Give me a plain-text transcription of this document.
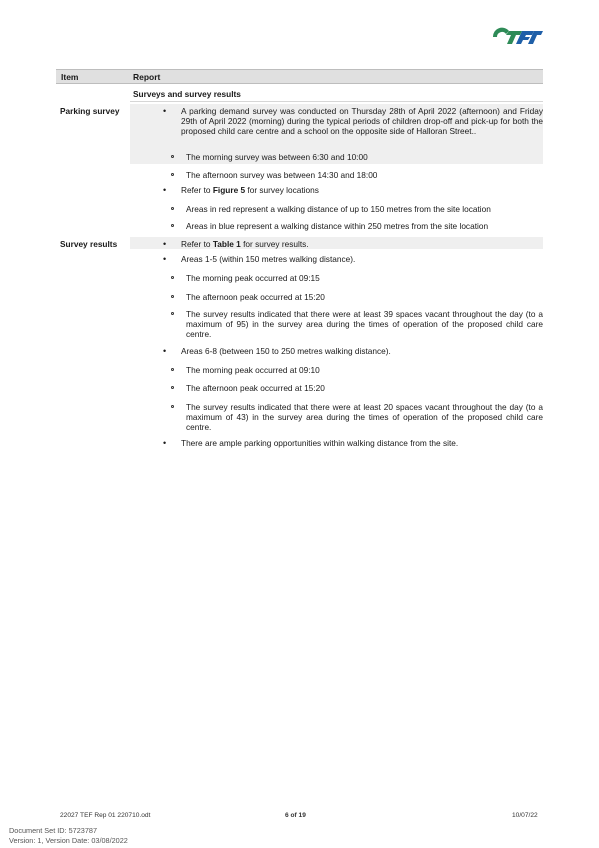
Item	Report
Surveys and survey results
Parking survey	• A parking demand survey was conducted on Thursday 28th of April 2022 (afternoon) and Friday 29th of April 2022 (morning) during the typical periods of children drop-off and pick-up for both the proposed child care centre and a school on the opposite side of Halloran Street..
The morning survey was between 6:30 and 10:00
The afternoon survey was between 14:30 and 18:00
• Refer to Figure 5 for survey locations
Areas in red represent a walking distance of up to 150 metres from the site location
Areas in blue represent a walking distance within 250 metres from the site location
Survey results	• Refer to Table 1 for survey results.
• Areas 1-5 (within 150 metres walking distance).
The morning peak occurred at 09:15
The afternoon peak occurred at 15:20
The survey results indicated that there were at least 39 spaces vacant throughout the day (to a maximum of 95) in the survey area during the times of operation of the proposed child care centre.
• Areas 6-8 (between 150 to 250 metres walking distance).
The morning peak occurred at 09:10
The afternoon peak occurred at 15:20
The survey results indicated that there were at least 20 spaces vacant throughout the day (to a maximum of 43) in the survey area during the times of operation of the proposed child care centre.
• There are ample parking opportunities within walking distance from the site.
22027 TEF Rep 01 220710.odt	6 of 19	10/07/22
Document Set ID: 5723787
Version: 1, Version Date: 03/08/2022
